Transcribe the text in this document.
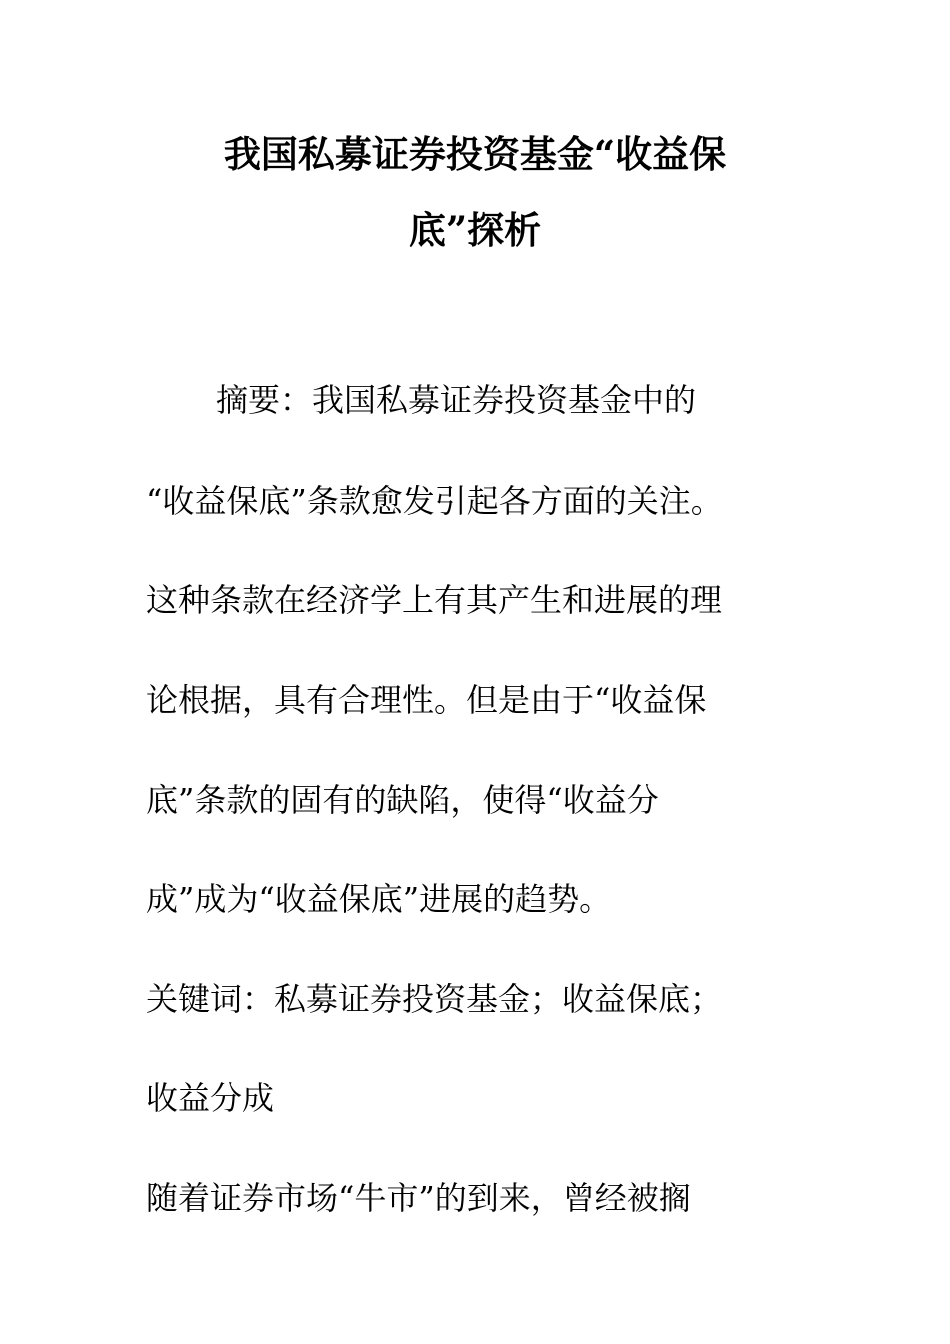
我国私募证券投资基金“收益保
底”探析
摘要：我国私募证券投资基金中的
“收益保底”条款愈发引起各方面的关注。
这种条款在经济学上有其产生和进展的理
论根据，具有合理性。但是由于“收益保
底”条款的固有的缺陷，使得“收益分
成”成为“收益保底”进展的趋势。
关键词：私募证券投资基金；收益保底；
收益分成
随着证券市场“牛市”的到来，曾经被搁
